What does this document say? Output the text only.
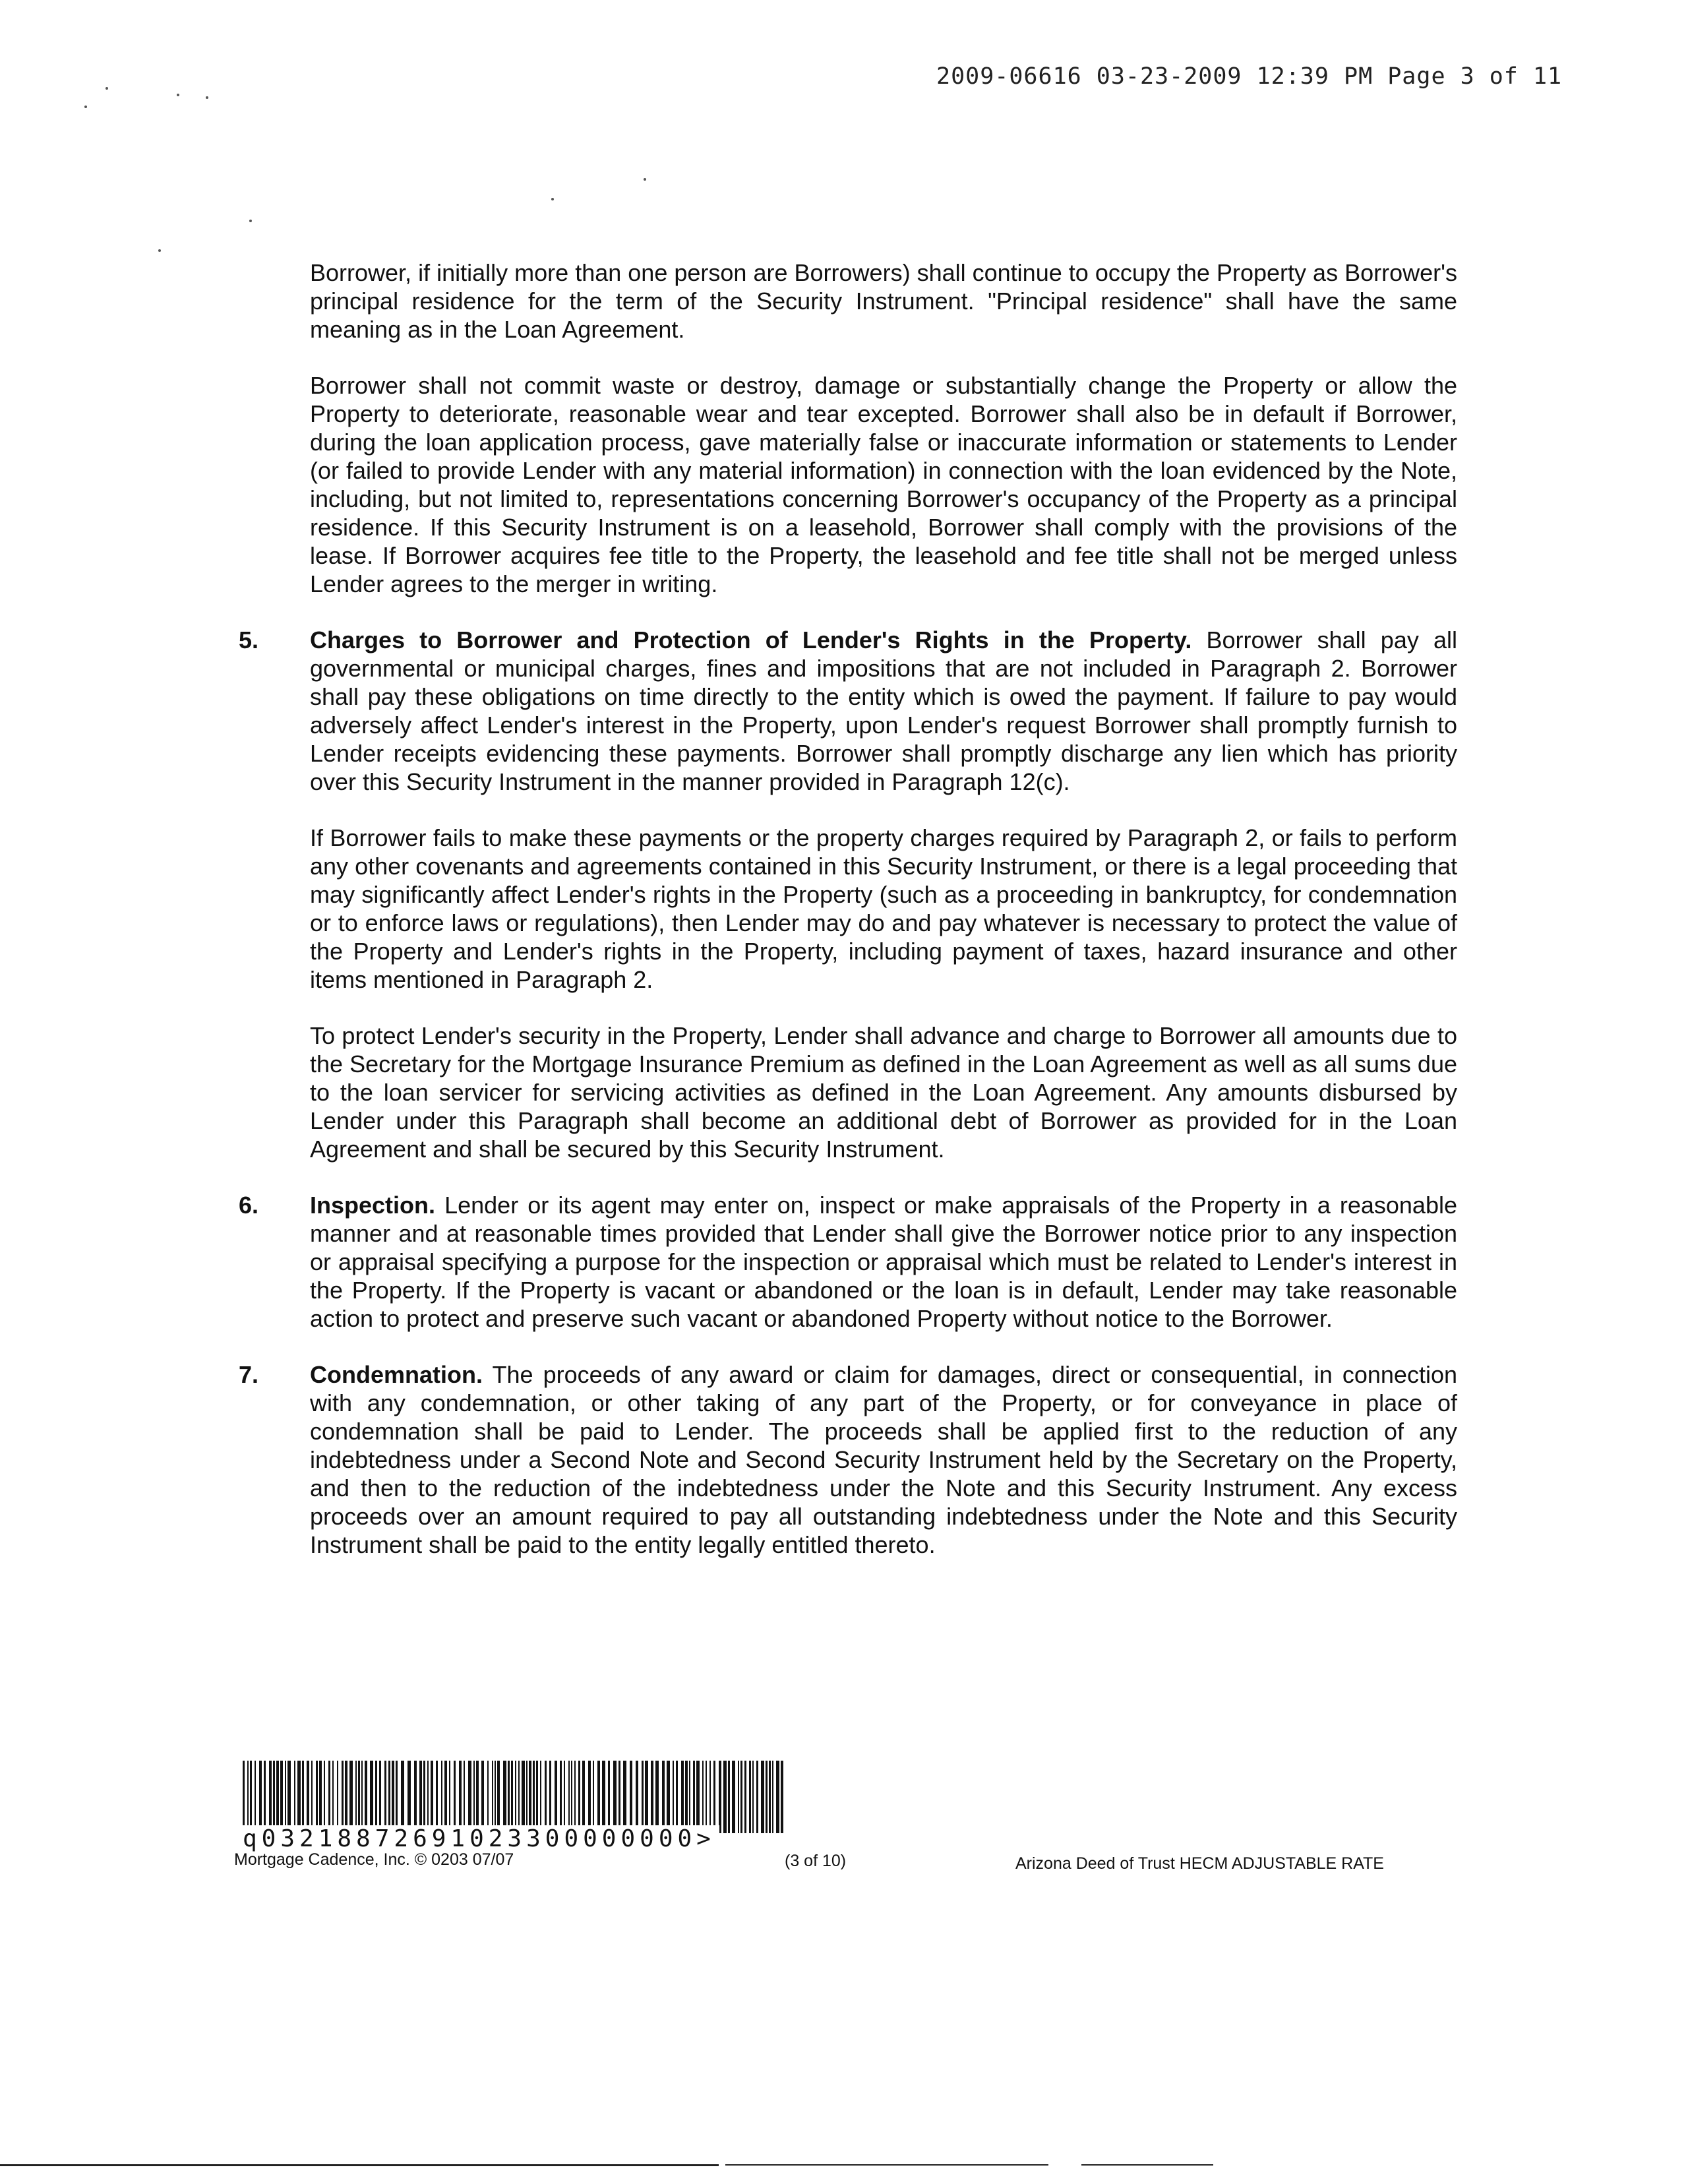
2009-06616 03-23-2009 12:39 PM Page 3 of 11

Borrower, if initially more than one person are Borrowers) shall continue to occupy the Property as Borrower's principal residence for the term of the Security Instrument. "Principal residence" shall have the same meaning as in the Loan Agreement.

Borrower shall not commit waste or destroy, damage or substantially change the Property or allow the Property to deteriorate, reasonable wear and tear excepted. Borrower shall also be in default if Borrower, during the loan application process, gave materially false or inaccurate information or statements to Lender (or failed to provide Lender with any material information) in connection with the loan evidenced by the Note, including, but not limited to, representations concerning Borrower's occupancy of the Property as a principal residence. If this Security Instrument is on a leasehold, Borrower shall comply with the provisions of the lease. If Borrower acquires fee title to the Property, the leasehold and fee title shall not be merged unless Lender agrees to the merger in writing.

5. Charges to Borrower and Protection of Lender's Rights in the Property. Borrower shall pay all governmental or municipal charges, fines and impositions that are not included in Paragraph 2. Borrower shall pay these obligations on time directly to the entity which is owed the payment. If failure to pay would adversely affect Lender's interest in the Property, upon Lender's request Borrower shall promptly furnish to Lender receipts evidencing these payments. Borrower shall promptly discharge any lien which has priority over this Security Instrument in the manner provided in Paragraph 12(c).

If Borrower fails to make these payments or the property charges required by Paragraph 2, or fails to perform any other covenants and agreements contained in this Security Instrument, or there is a legal proceeding that may significantly affect Lender's rights in the Property (such as a proceeding in bankruptcy, for condemnation or to enforce laws or regulations), then Lender may do and pay whatever is necessary to protect the value of the Property and Lender's rights in the Property, including payment of taxes, hazard insurance and other items mentioned in Paragraph 2.

To protect Lender's security in the Property, Lender shall advance and charge to Borrower all amounts due to the Secretary for the Mortgage Insurance Premium as defined in the Loan Agreement as well as all sums due to the loan servicer for servicing activities as defined in the Loan Agreement. Any amounts disbursed by Lender under this Paragraph shall become an additional debt of Borrower as provided for in the Loan Agreement and shall be secured by this Security Instrument.

6. Inspection. Lender or its agent may enter on, inspect or make appraisals of the Property in a reasonable manner and at reasonable times provided that Lender shall give the Borrower notice prior to any inspection or appraisal specifying a purpose for the inspection or appraisal which must be related to Lender's interest in the Property. If the Property is vacant or abandoned or the loan is in default, Lender may take reasonable action to protect and preserve such vacant or abandoned Property without notice to the Borrower.

7. Condemnation. The proceeds of any award or claim for damages, direct or consequential, in connection with any condemnation, or other taking of any part of the Property, or for conveyance in place of condemnation shall be paid to Lender. The proceeds shall be applied first to the reduction of any indebtedness under a Second Note and Second Security Instrument held by the Secretary on the Property, and then to the reduction of the indebtedness under the Note and this Security Instrument. Any excess proceeds over an amount required to pay all outstanding indebtedness under the Note and this Security Instrument shall be paid to the entity legally entitled thereto.

q03218872691023300000000>
Mortgage Cadence, Inc. © 0203 07/07	(3 of 10)	Arizona Deed of Trust HECM ADJUSTABLE RATE
